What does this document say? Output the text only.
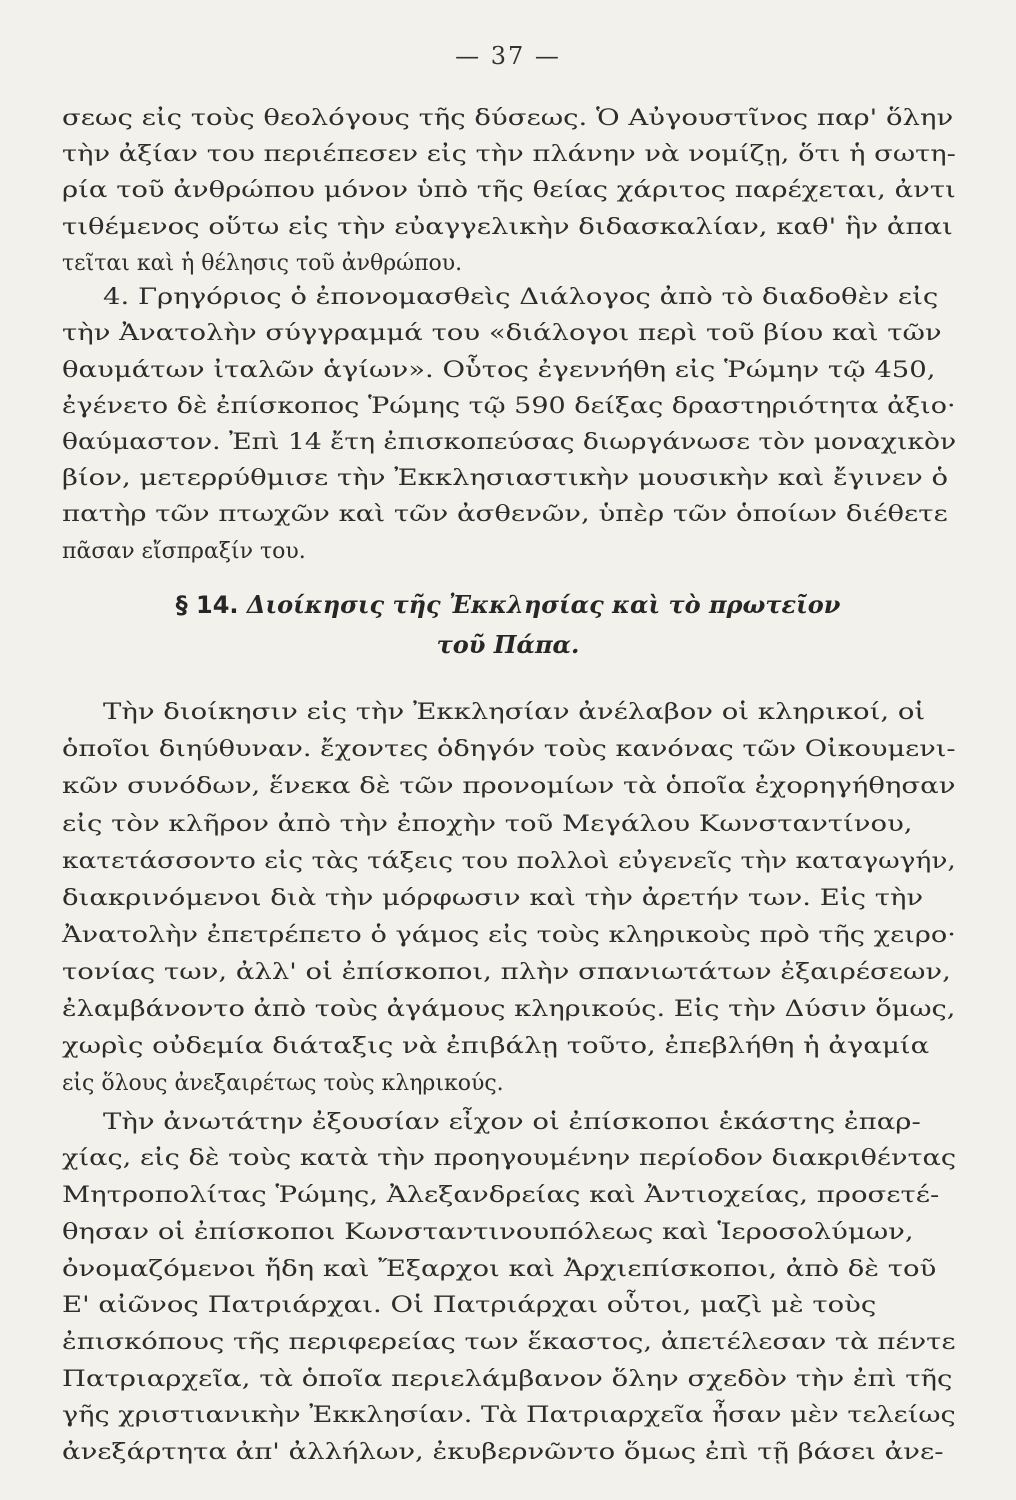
— 37 —
σεως εἰς τοὺς θεολόγους τῆς δύσεως. Ὁ Αὐγουστῖνος παρ' ὅλην
τὴν ἀξίαν του περιέπεσεν εἰς τὴν πλάνην νὰ νομίζῃ, ὅτι ἡ σωτη-
ρία τοῦ ἀνθρώπου μόνον ὑπὸ τῆς θείας χάριτος παρέχεται, ἀντι
τιθέμενος οὕτω εἰς τὴν εὐαγγελικὴν διδασκαλίαν, καθ' ἣν ἀπαι
τεῖται καὶ ἡ θέλησις τοῦ ἀνθρώπου.
4. Γρηγόριος ὁ ἐπονομασθεὶς Διάλογος ἀπὸ τὸ διαδοθὲν εἰς
τὴν Ἀνατολὴν σύγγραμμά του «διάλογοι περὶ τοῦ βίου καὶ τῶν
θαυμάτων ἰταλῶν ἁγίων». Οὗτος ἐγεννήθη εἰς Ῥώμην τῷ 450,
ἐγένετο δὲ ἐπίσκοπος Ῥώμης τῷ 590 δείξας δραστηριότητα ἀξιο·
θαύμαστον. Ἐπὶ 14 ἔτη ἐπισκοπεύσας διωργάνωσε τὸν μοναχικὸν
βίον, μετερρύθμισε τὴν Ἐκκλησιαστικὴν μουσικὴν καὶ ἔγινεν ὁ
πατὴρ τῶν πτωχῶν καὶ τῶν ἀσθενῶν, ὑπὲρ τῶν ὁποίων διέθετε
πᾶσαν εἴσπραξίν του.
§ 14. Διοίκησις τῆς Ἐκκλησίας καὶ τὸ πρωτεῖον
τοῦ Πάπα.
Τὴν διοίκησιν εἰς τὴν Ἐκκλησίαν ἀνέλαβον οἱ κληρικοί, οἱ
ὁποῖοι διηύθυναν. ἔχοντες ὁδηγόν τοὺς κανόνας τῶν Οἰκουμενι-
κῶν συνόδων, ἕνεκα δὲ τῶν προνομίων τὰ ὁποῖα ἐχορηγήθησαν
εἰς τὸν κλῆρον ἀπὸ τὴν ἐποχὴν τοῦ Μεγάλου Κωνσταντίνου,
κατετάσσοντο εἰς τὰς τάξεις του πολλοὶ εὐγενεῖς τὴν καταγωγήν,
διακρινόμενοι διὰ τὴν μόρφωσιν καὶ τὴν ἀρετήν των. Εἰς τὴν
Ἀνατολὴν ἐπετρέπετο ὁ γάμος εἰς τοὺς κληρικοὺς πρὸ τῆς χειρο·
τονίας των, ἀλλ' οἱ ἐπίσκοποι, πλὴν σπανιωτάτων ἐξαιρέσεων,
ἐλαμβάνοντο ἀπὸ τοὺς ἀγάμους κληρικούς. Εἰς τὴν Δύσιν ὅμως,
χωρὶς οὐδεμία διάταξις νὰ ἐπιβάλῃ τοῦτο, ἐπεβλήθη ἡ ἀγαμία
εἰς ὅλους ἀνεξαιρέτως τοὺς κληρικούς.
Τὴν ἀνωτάτην ἐξουσίαν εἶχον οἱ ἐπίσκοποι ἑκάστης ἐπαρ-
χίας, εἰς δὲ τοὺς κατὰ τὴν προηγουμένην περίοδον διακριθέντας
Μητροπολίτας Ῥώμης, Ἀλεξανδρείας καὶ Ἀντιοχείας, προσετέ-
θησαν οἱ ἐπίσκοποι Κωνσταντινουπόλεως καὶ Ἱεροσολύμων,
ὀνομαζόμενοι ἤδη καὶ Ἔξαρχοι καὶ Ἀρχιεπίσκοποι, ἀπὸ δὲ τοῦ
Ε' αἰῶνος Πατριάρχαι. Οἱ Πατριάρχαι οὗτοι, μαζὶ μὲ τοὺς
ἐπισκόπους τῆς περιφερείας των ἕκαστος, ἀπετέλεσαν τὰ πέντε
Πατριαρχεῖα, τὰ ὁποῖα περιελάμβανον ὅλην σχεδὸν τὴν ἐπὶ τῆς
γῆς χριστιανικὴν Ἐκκλησίαν. Τὰ Πατριαρχεῖα ἦσαν μὲν τελείως
ἀνεξάρτητα ἀπ' ἀλλήλων, ἐκυβερνῶντο ὅμως ἐπὶ τῇ βάσει ἀνε-
